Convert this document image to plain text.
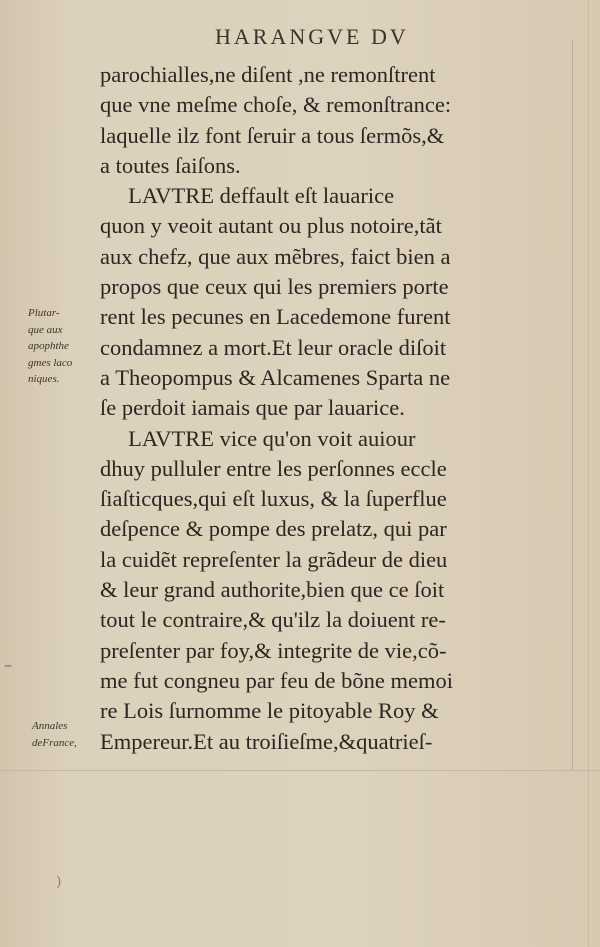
HARANGVE DV
parochialles,ne diſent ,ne remonſtrent
que vne meſme choſe, & remonſtrance:
laquelle ilz font ſeruir a tous ſermõs,&
a toutes ſaiſons.
LAVTRE deffault eſt lauarice
quon y veoit autant ou plus notoire,tãt
aux chefz, que aux mẽbres, faict bien a
propos que ceux qui les premiers porte
rent les pecunes en Lacedemone furent
condamnez a mort.Et leur oracle diſoit
a Theopompus & Alcamenes Sparta ne
ſe perdoit iamais que par lauarice.
LAVTRE vice qu'on voit auiour
dhuy pulluler entre les perſonnes eccle
ſiaſticques,qui eſt luxus, & la ſuperflue
deſpence & pompe des prelatz, qui par
la cuidẽt repreſenter la grãdeur de dieu
& leur grand authorite,bien que ce ſoit
tout le contraire,& qu'ilz la doiuent re-
preſenter par foy,& integrite de vie,cõ-
me fut congneu par feu de bõne memoi
re Lois ſurnomme le pitoyable Roy &
Empereur.Et au troiſieſme,&quatrieſ-
Plutar-
que aux
apophthe
gmes laco
niques.
Annales
deFrance,
–
)
